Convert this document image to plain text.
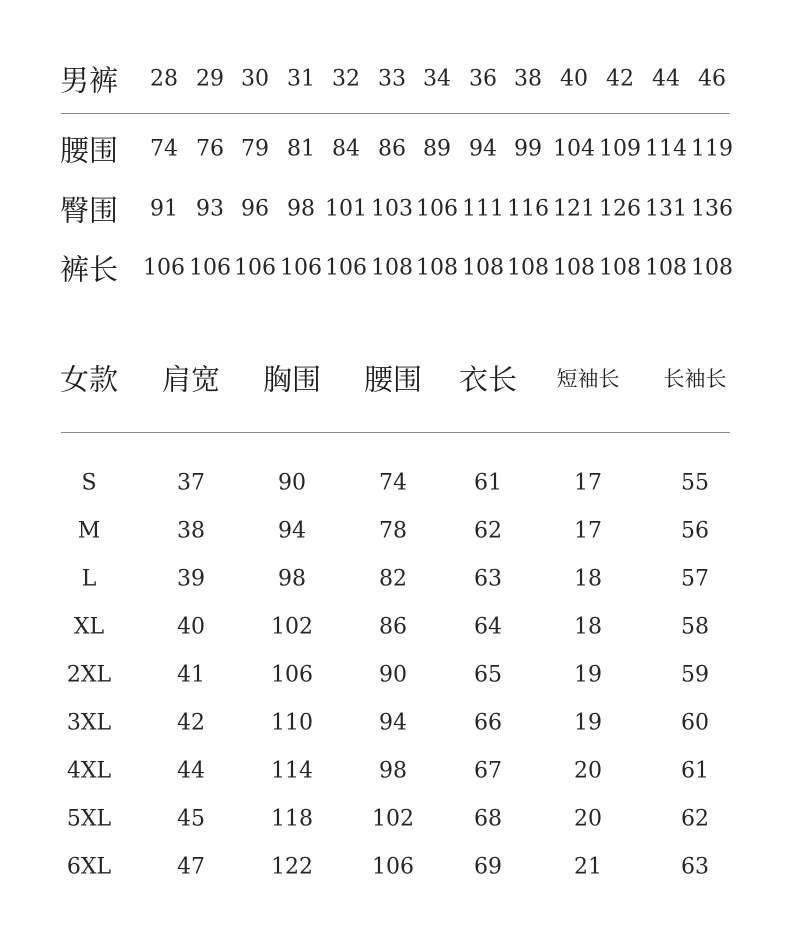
男裤 28 29 30 31 32 33 34 36 38 40 42 44 46
腰围 74 76 79 81 84 86 89 94 99 104 109 114 119
臀围 91 93 96 98 101 103 106 111 116 121 126 131 136
裤长 106 106 106 106 106 108 108 108 108 108 108 108 108
女款 肩宽 胸围 腰围 衣长 短袖长 长袖长
S	37	90	74	61	17	55
M	38	94	78	62	17	56
L	39	98	82	63	18	57
XL	40	102	86	64	18	58
2XL	41	106	90	65	19	59
3XL	42	110	94	66	19	60
4XL	44	114	98	67	20	61
5XL	45	118	102	68	20	62
6XL	47	122	106	69	21	63
